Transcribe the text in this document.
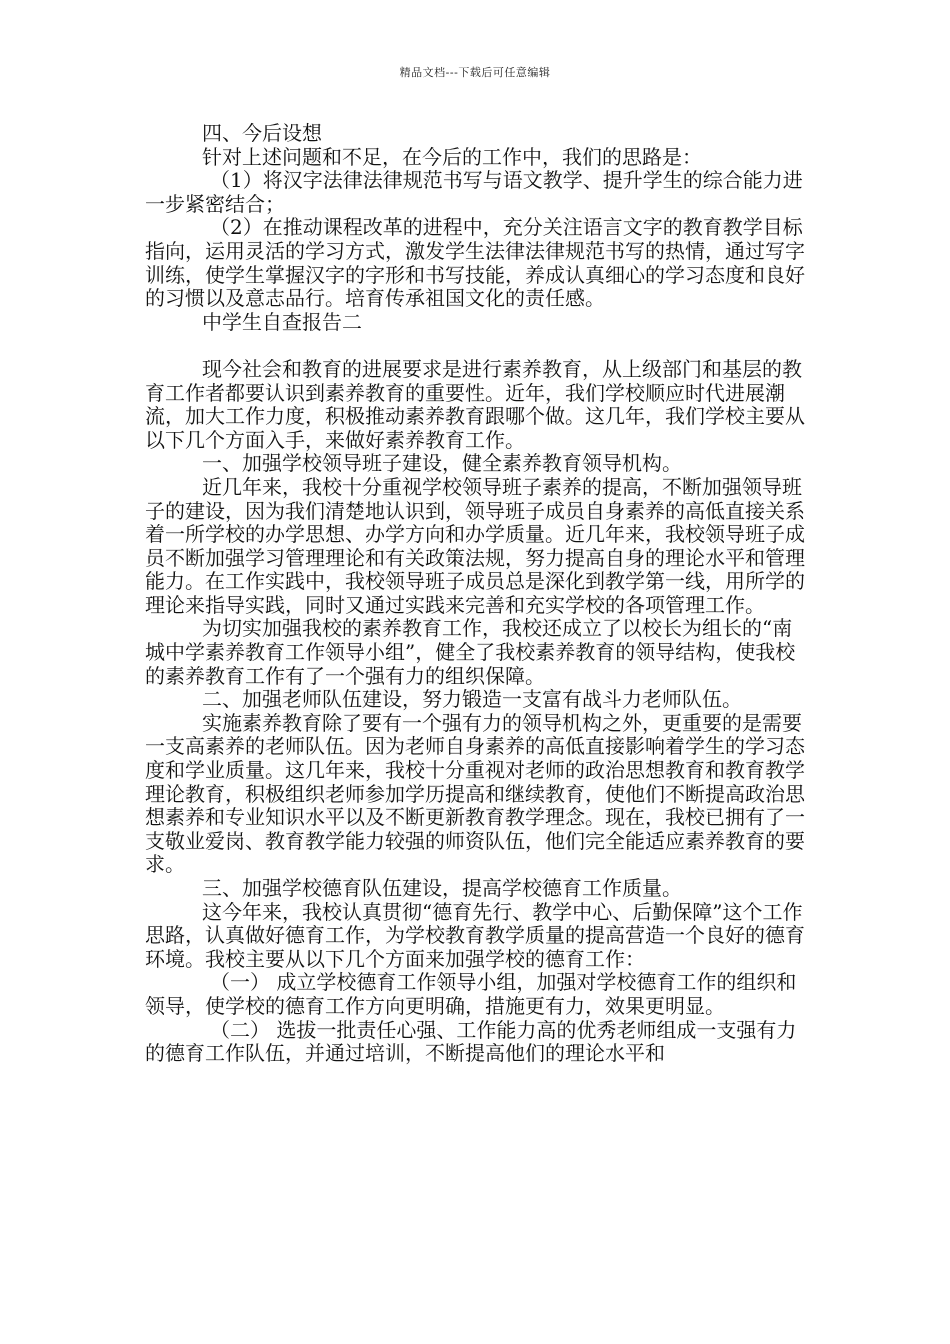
精品文档---下载后可任意编辑

四、今后设想

针对上述问题和不足，在今后的工作中，我们的思路是：

（1）将汉字法律法律规范书写与语文教学、提升学生的综合能力进一步紧密结合；

（2）在推动课程改革的进程中，充分关注语言文字的教育教学目标指向，运用灵活的学习方式，激发学生法律法律规范书写的热情，通过写字训练，使学生掌握汉字的字形和书写技能，养成认真细心的学习态度和良好的习惯以及意志品行。培育传承祖国文化的责任感。

中学生自查报告二

现今社会和教育的进展要求是进行素养教育，从上级部门和基层的教育工作者都要认识到素养教育的重要性。近年，我们学校顺应时代进展潮流，加大工作力度，积极推动素养教育跟哪个做。这几年，我们学校主要从以下几个方面入手，来做好素养教育工作。

一、加强学校领导班子建设，健全素养教育领导机构。

近几年来，我校十分重视学校领导班子素养的提高，不断加强领导班子的建设，因为我们清楚地认识到，领导班子成员自身素养的高低直接关系着一所学校的办学思想、办学方向和办学质量。近几年来，我校领导班子成员不断加强学习管理理论和有关政策法规，努力提高自身的理论水平和管理能力。在工作实践中，我校领导班子成员总是深化到教学第一线，用所学的理论来指导实践，同时又通过实践来完善和充实学校的各项管理工作。

为切实加强我校的素养教育工作，我校还成立了以校长为组长的“南城中学素养教育工作领导小组”，健全了我校素养教育的领导结构，使我校的素养教育工作有了一个强有力的组织保障。

二、加强老师队伍建设，努力锻造一支富有战斗力老师队伍。

实施素养教育除了要有一个强有力的领导机构之外，更重要的是需要一支高素养的老师队伍。因为老师自身素养的高低直接影响着学生的学习态度和学业质量。这几年来，我校十分重视对老师的政治思想教育和教育教学理论教育，积极组织老师参加学历提高和继续教育，使他们不断提高政治思想素养和专业知识水平以及不断更新教育教学理念。现在，我校已拥有了一支敬业爱岗、教育教学能力较强的师资队伍，他们完全能适应素养教育的要求。

三、加强学校德育队伍建设，提高学校德育工作质量。

这今年来，我校认真贯彻“德育先行、教学中心、后勤保障”这个工作思路，认真做好德育工作，为学校教育教学质量的提高营造一个良好的德育环境。我校主要从以下几个方面来加强学校的德育工作：

（一） 成立学校德育工作领导小组，加强对学校德育工作的组织和领导，使学校的德育工作方向更明确，措施更有力，效果更明显。

（二） 选拔一批责任心强、工作能力高的优秀老师组成一支强有力的德育工作队伍，并通过培训，不断提高他们的理论水平和
